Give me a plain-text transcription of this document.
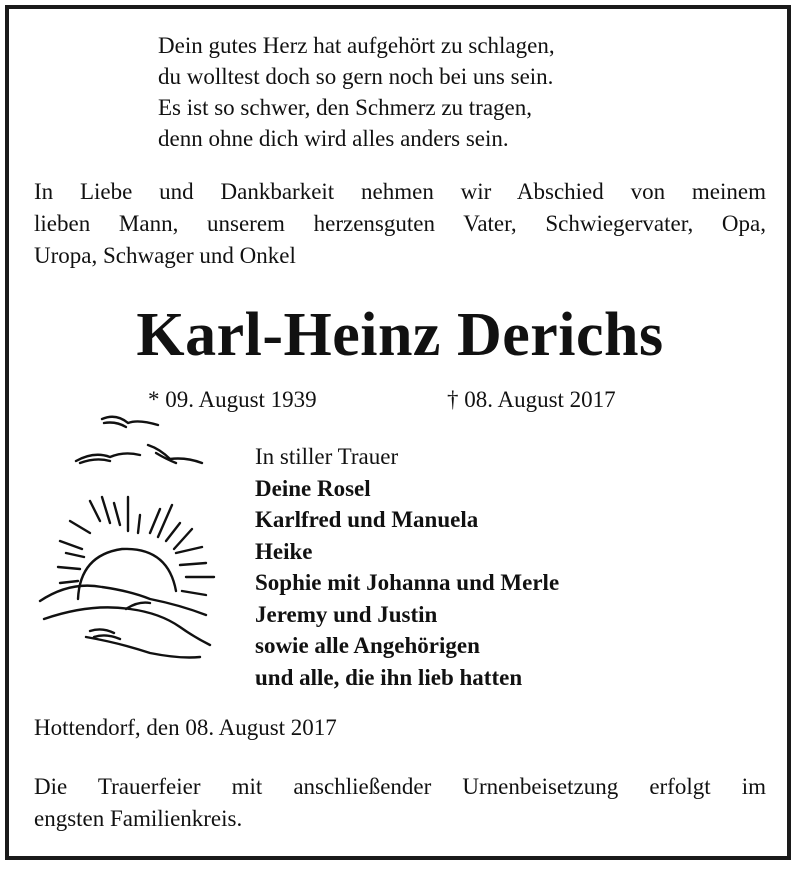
Dein gutes Herz hat aufgehört zu schlagen,
du wolltest doch so gern noch bei uns sein.
Es ist so schwer, den Schmerz zu tragen,
denn ohne dich wird alles anders sein.
In Liebe und Dankbarkeit nehmen wir Abschied von meinem
lieben Mann, unserem herzensguten Vater, Schwiegervater, Opa,
Uropa, Schwager und Onkel
Karl-Heinz Derichs
* 09. August 1939	† 08. August 2017
In stiller Trauer
Deine Rosel
Karlfred und Manuela
Heike
Sophie mit Johanna und Merle
Jeremy und Justin
sowie alle Angehörigen
und alle, die ihn lieb hatten
Hottendorf, den 08. August 2017
Die Trauerfeier mit anschließender Urnenbeisetzung erfolgt im
engsten Familienkreis.
